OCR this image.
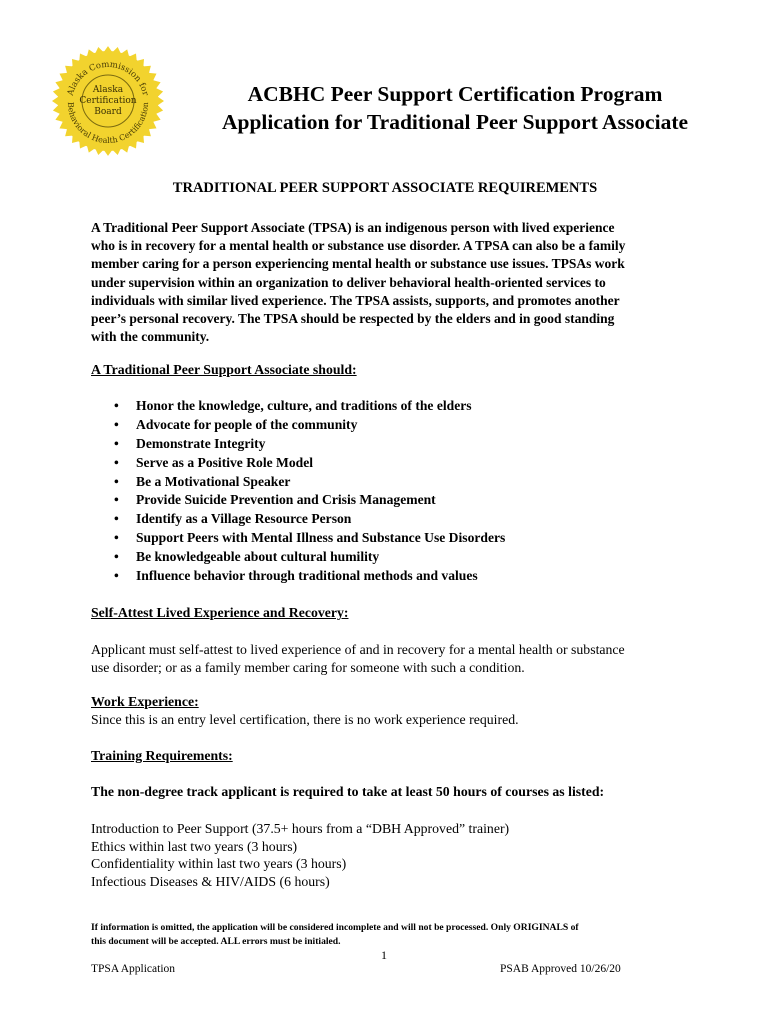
Alaska Commission for
Behavioral Health Certification
Alaska
Certification
Board
ACBHC Peer Support Certification Program
Application for Traditional Peer Support Associate
TRADITIONAL PEER SUPPORT ASSOCIATE REQUIREMENTS
A Traditional Peer Support Associate (TPSA) is an indigenous person with lived experience
who is in recovery for a mental health or substance use disorder. A TPSA can also be a family
member caring for a person experiencing mental health or substance use issues. TPSAs work
under supervision within an organization to deliver behavioral health-oriented services to
individuals with similar lived experience. The TPSA assists, supports, and promotes another
peer’s personal recovery. The TPSA should be respected by the elders and in good standing
with the community.
A Traditional Peer Support Associate should:
• Honor the knowledge, culture, and traditions of the elders
• Advocate for people of the community
• Demonstrate Integrity
• Serve as a Positive Role Model
• Be a Motivational Speaker
• Provide Suicide Prevention and Crisis Management
• Identify as a Village Resource Person
• Support Peers with Mental Illness and Substance Use Disorders
• Be knowledgeable about cultural humility
• Influence behavior through traditional methods and values
Self-Attest Lived Experience and Recovery:
Applicant must self-attest to lived experience of and in recovery for a mental health or substance
use disorder; or as a family member caring for someone with such a condition.
Work Experience:
Since this is an entry level certification, there is no work experience required.
Training Requirements:
The non-degree track applicant is required to take at least 50 hours of courses as listed:
Introduction to Peer Support (37.5+ hours from a “DBH Approved” trainer)
Ethics within last two years (3 hours)
Confidentiality within last two years (3 hours)
Infectious Diseases & HIV/AIDS (6 hours)
If information is omitted, the application will be considered incomplete and will not be processed. Only ORIGINALS of
this document will be accepted. ALL errors must be initialed.
1
TPSA Application	PSAB Approved 10/26/20
